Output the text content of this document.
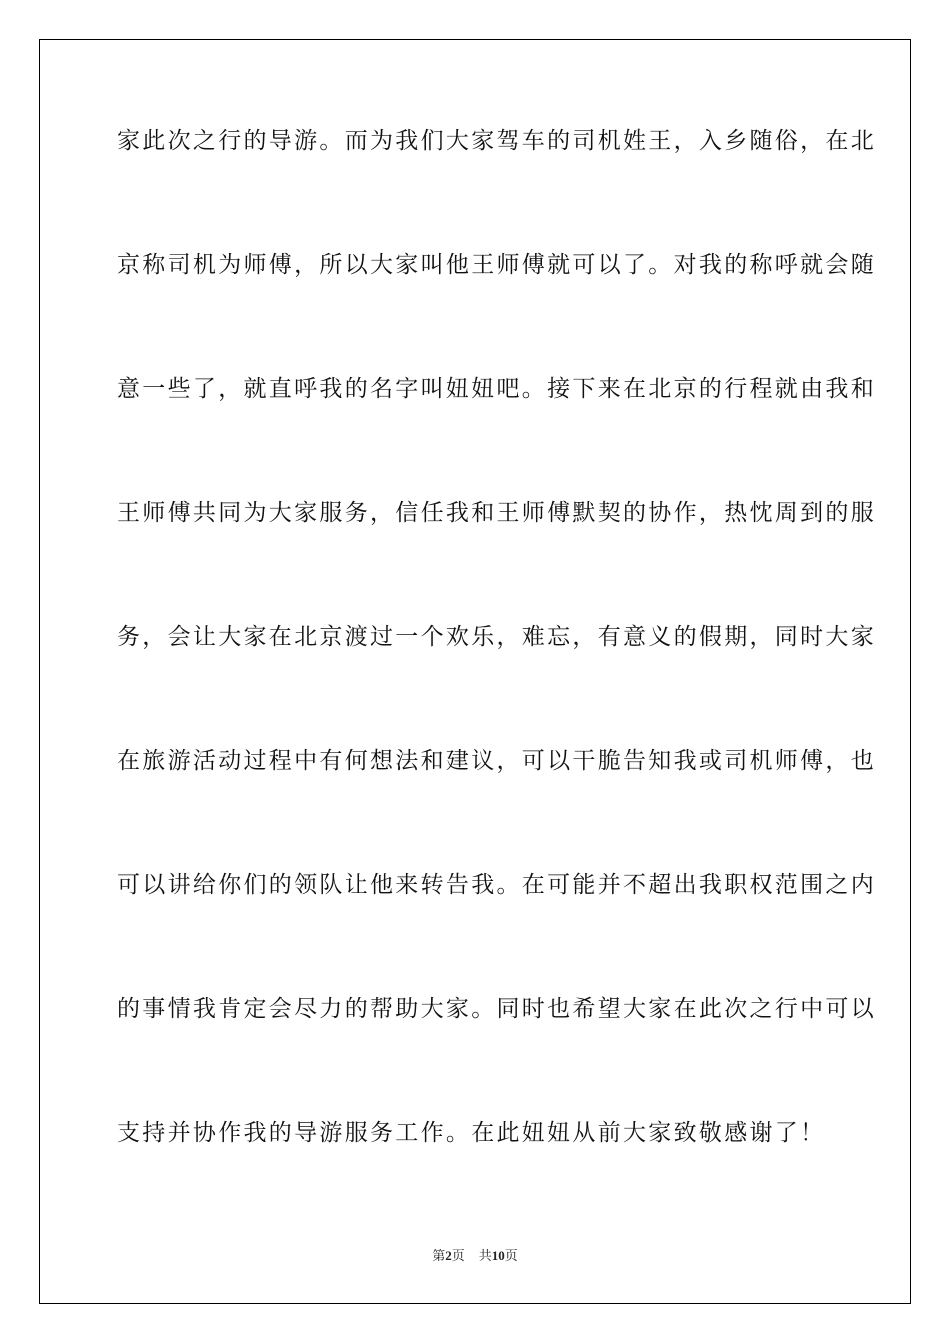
家此次之行的导游。而为我们大家驾车的司机姓王，入乡随俗，在北
京称司机为师傅，所以大家叫他王师傅就可以了。对我的称呼就会随
意一些了，就直呼我的名字叫妞妞吧。接下来在北京的行程就由我和
王师傅共同为大家服务，信任我和王师傅默契的协作，热忱周到的服
务，会让大家在北京渡过一个欢乐，难忘，有意义的假期，同时大家
在旅游活动过程中有何想法和建议，可以干脆告知我或司机师傅，也
可以讲给你们的领队让他来转告我。在可能并不超出我职权范围之内
的事情我肯定会尽力的帮助大家。同时也希望大家在此次之行中可以
支持并协作我的导游服务工作。在此妞妞从前大家致敬感谢了！
第2页 共10页
